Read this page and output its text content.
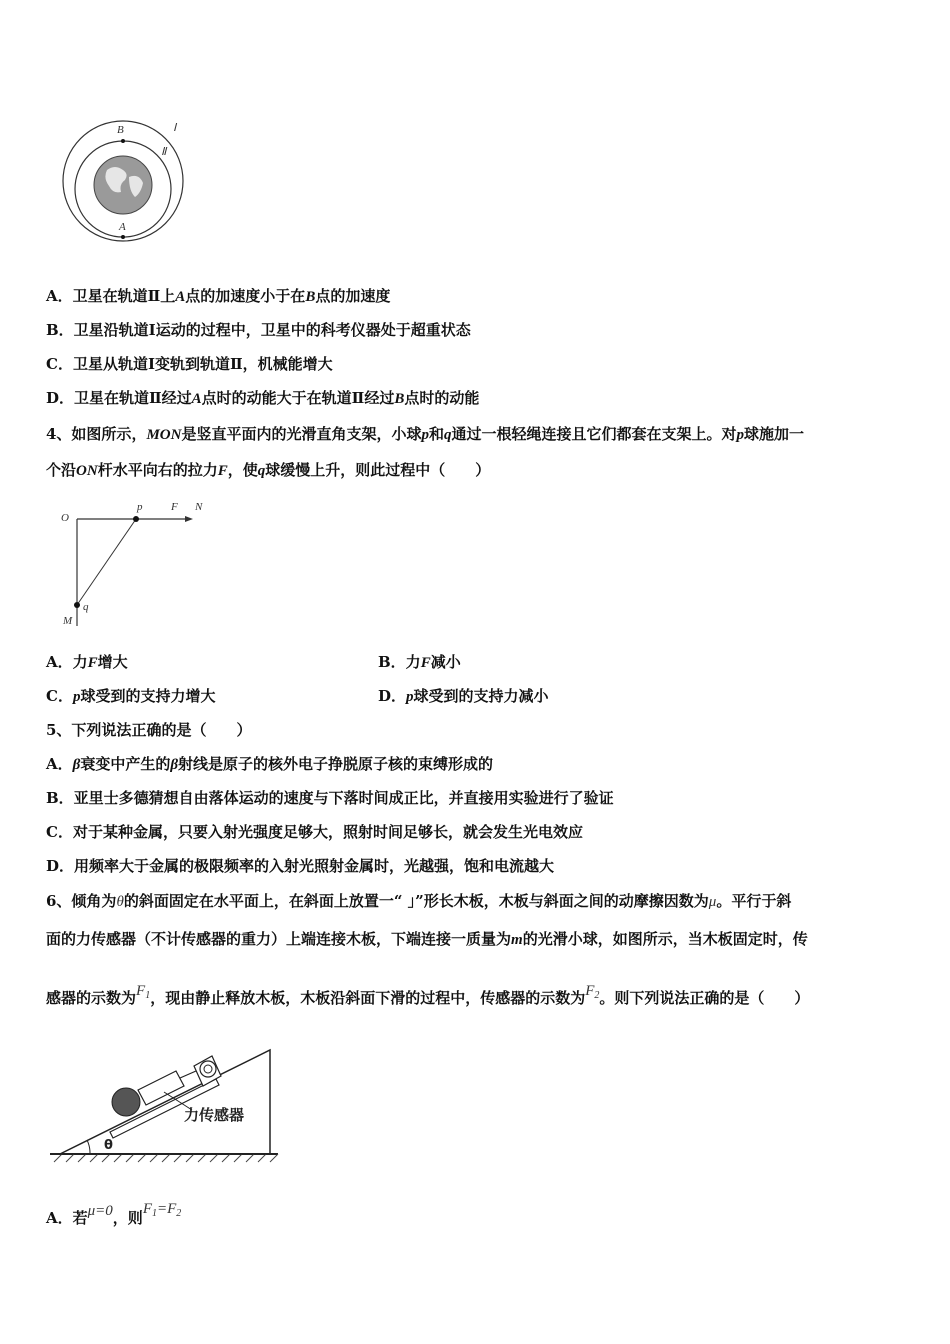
B
A
Ⅰ
Ⅱ
A．卫星在轨道Ⅱ上A点的加速度小于在B点的加速度
B．卫星沿轨道Ⅰ运动的过程中，卫星中的科考仪器处于超重状态
C．卫星从轨道Ⅰ变轨到轨道Ⅱ，机械能增大
D．卫星在轨道Ⅱ经过A点时的动能大于在轨道Ⅱ经过B点时的动能
4、如图所示，MON是竖直平面内的光滑直角支架，小球p和q通过一根轻绳连接且它们都套在支架上。对p球施加一
个沿ON杆水平向右的拉力F，使q球缓慢上升，则此过程中（　　）
O
p	F N
M
q
A．力F增大	B．力F减小
C．p球受到的支持力增大	D．p球受到的支持力减小
5、下列说法正确的是（　　）
A．β衰变中产生的β射线是原子的核外电子挣脱原子核的束缚形成的
B．亚里士多德猜想自由落体运动的速度与下落时间成正比，并直接用实验进行了验证
C．对于某种金属，只要入射光强度足够大，照射时间足够长，就会发生光电效应
D．用频率大于金属的极限频率的入射光照射金属时，光越强，饱和电流越大
6、倾角为θ的斜面固定在水平面上，在斜面上放置一“ 」”形长木板，木板与斜面之间的动摩擦因数为μ。平行于斜
面的力传感器（不计传感器的重力）上端连接木板，下端连接一质量为m的光滑小球，如图所示，当木板固定时，传
感器的示数为$F_1$，现由静止释放木板，木板沿斜面下滑的过程中，传感器的示数为$F_2$。则下列说法正确的是（　　）
θ
力传感器
A．若μ=0，则$F_1=F_2$
